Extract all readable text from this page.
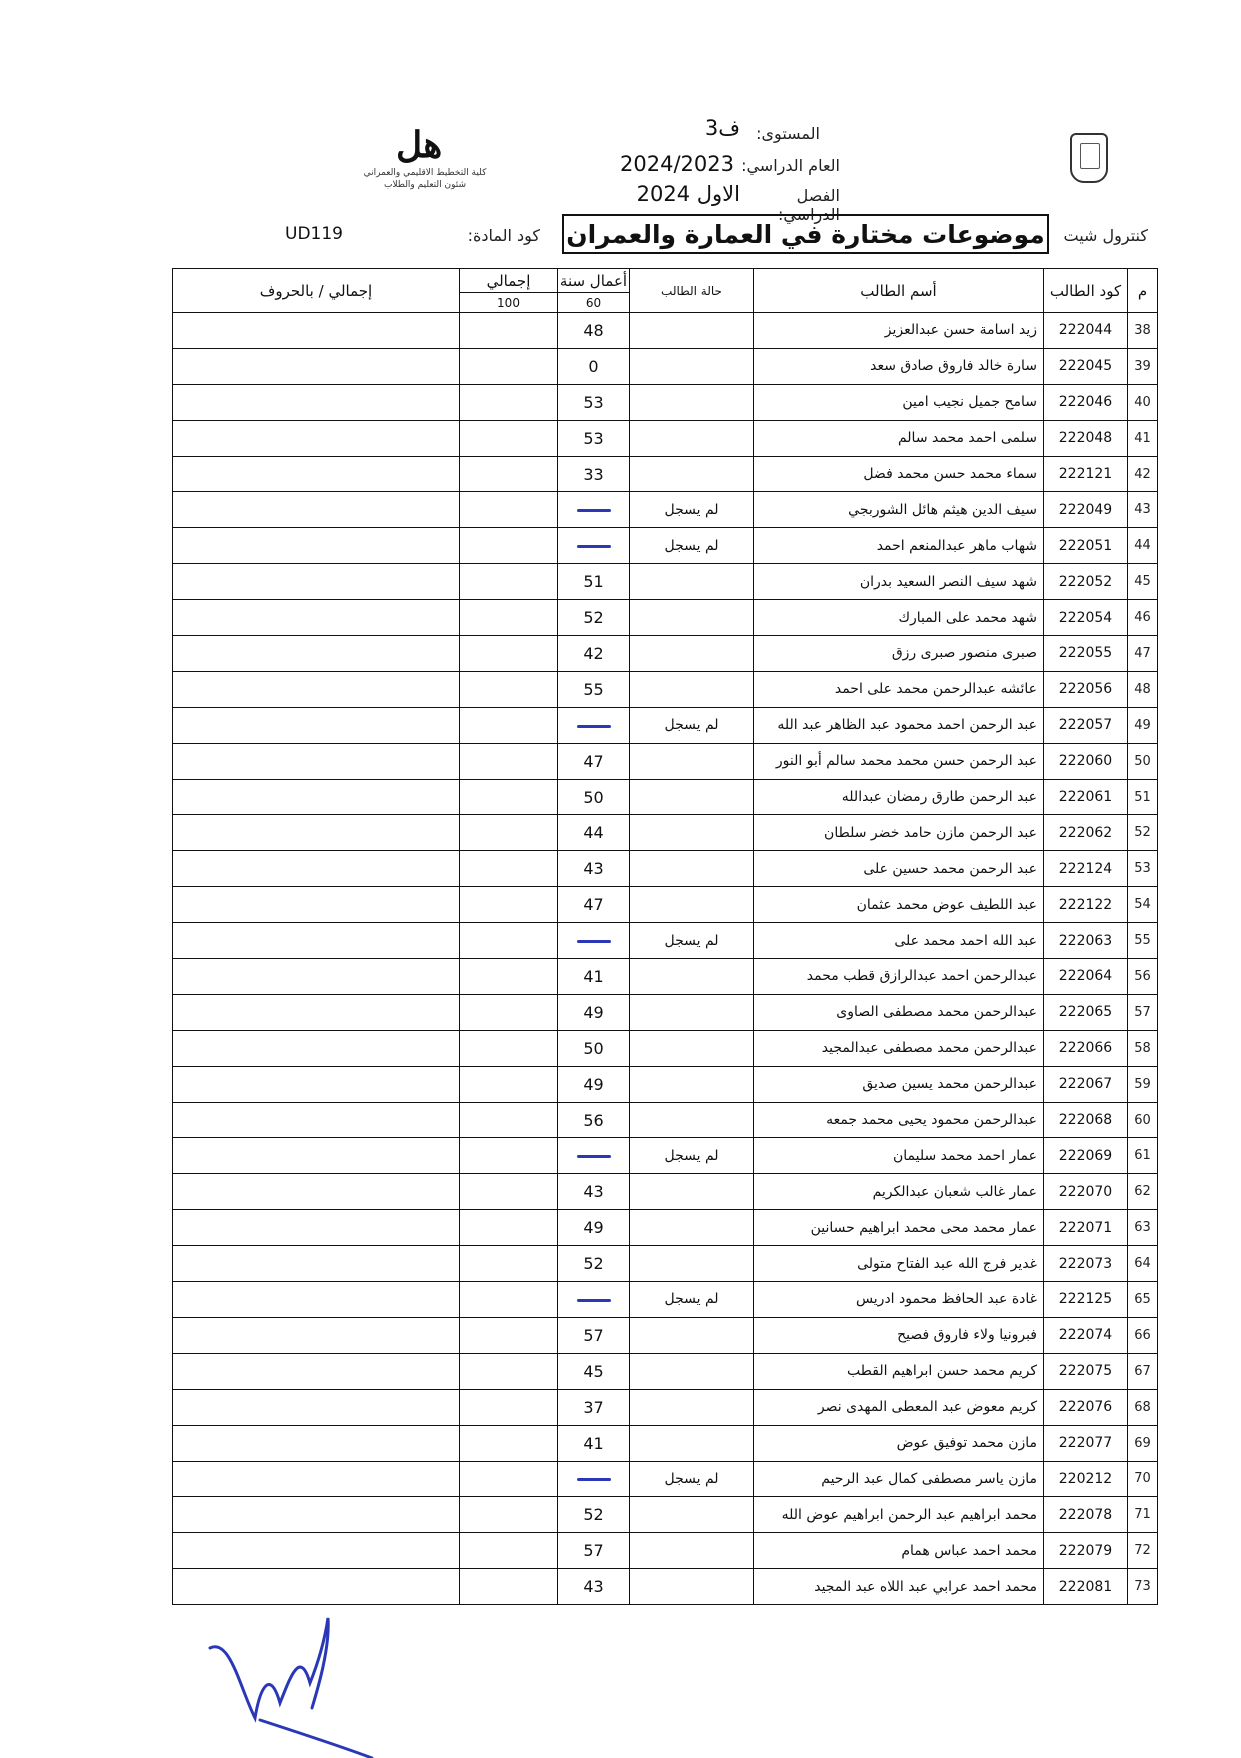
هل
كلية التخطيط الاقليمي والعمراني
شئون التعليم والطلاب
المستوى:
ف3
العام الدراسي:
2024/2023
الفصل الدراسي:
الاول 2024
كنترول شيت
موضوعات مختارة في العمارة والعمران
كود المادة:
UD119
إجمالي / بالحروف	إجمالي	أعمال سنة	حالة الطالب	أسم الطالب	كود الطالب	م
	100	60				
		48		زيد اسامة حسن عبدالعزيز	222044	38
		0		سارة خالد فاروق صادق سعد	222045	39
		53		سامح جميل نجيب امين	222046	40
		53		سلمى احمد محمد سالم	222048	41
		33		سماء محمد حسن محمد فضل	222121	42
			لم يسجل	سيف الدين هيثم هائل الشوربجي	222049	43
			لم يسجل	شهاب ماهر عبدالمنعم احمد	222051	44
		51		شهد سيف النصر السعيد بدران	222052	45
		52		شهد محمد على المبارك	222054	46
		42		صبرى منصور صبرى رزق	222055	47
		55		عائشه عبدالرحمن محمد على احمد	222056	48
			لم يسجل	عبد الرحمن احمد محمود عبد الظاهر عبد الله	222057	49
		47		عبد الرحمن حسن محمد محمد سالم أبو النور	222060	50
		50		عبد الرحمن طارق رمضان عبدالله	222061	51
		44		عبد الرحمن مازن حامد خضر سلطان	222062	52
		43		عبد الرحمن محمد حسين على	222124	53
		47		عبد اللطيف عوض محمد عثمان	222122	54
			لم يسجل	عبد الله احمد محمد على	222063	55
		41		عبدالرحمن احمد عبدالرازق قطب محمد	222064	56
		49		عبدالرحمن محمد مصطفى الصاوى	222065	57
		50		عبدالرحمن محمد مصطفى عبدالمجيد	222066	58
		49		عبدالرحمن محمد يسين صديق	222067	59
		56		عبدالرحمن محمود يحيى محمد جمعه	222068	60
			لم يسجل	عمار احمد محمد سليمان	222069	61
		43		عمار غالب شعبان عبدالكريم	222070	62
		49		عمار محمد محى محمد ابراهيم حسانين	222071	63
		52		غدير فرج الله عبد الفتاح متولى	222073	64
			لم يسجل	غادة عبد الحافظ محمود ادريس	222125	65
		57		فبرونيا ولاء فاروق فصيح	222074	66
		45		كريم محمد حسن ابراهيم القطب	222075	67
		37		كريم معوض عبد المعطى المهدى نصر	222076	68
		41		مازن محمد توفيق عوض	222077	69
			لم يسجل	مازن ياسر مصطفى كمال عبد الرحيم	220212	70
		52		محمد ابراهيم عبد الرحمن ابراهيم عوض الله	222078	71
		57		محمد احمد عباس همام	222079	72
		43		محمد احمد عرابي عبد اللاه عبد المجيد	222081	73
